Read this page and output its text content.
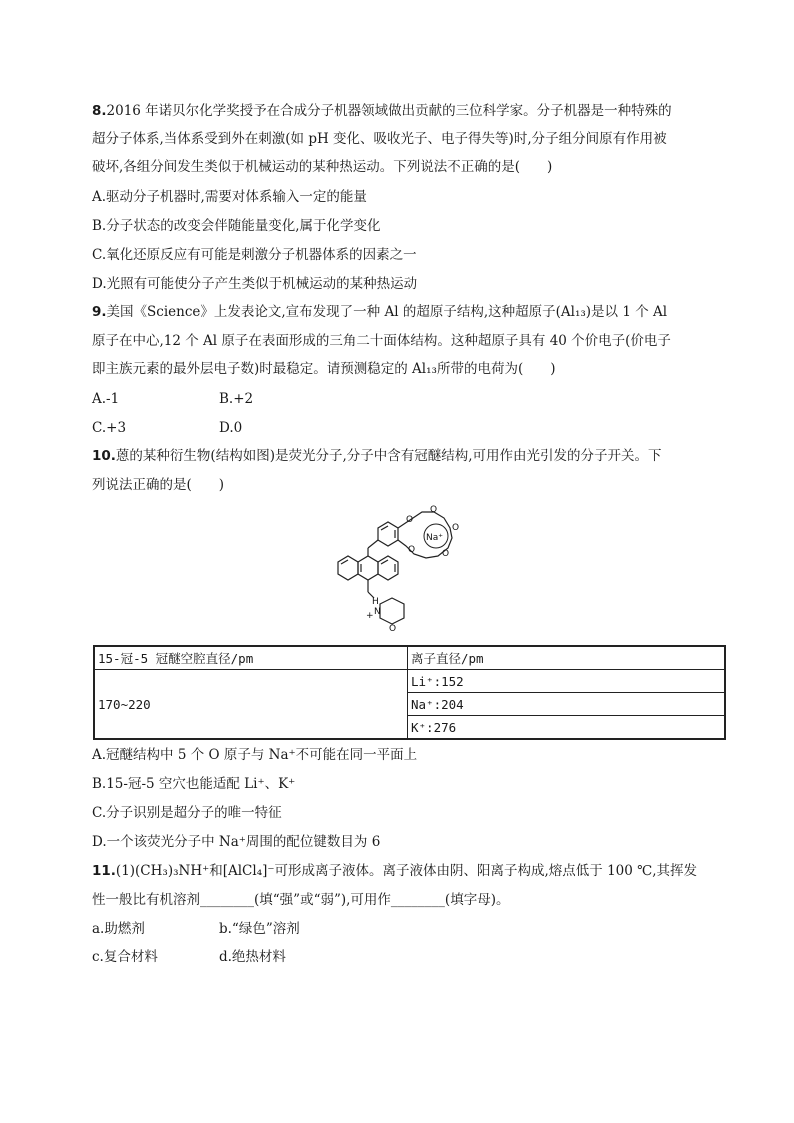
8.2016 年诺贝尔化学奖授予在合成分子机器领域做出贡献的三位科学家。分子机器是一种特殊的
超分子体系,当体系受到外在刺激(如 pH 变化、吸收光子、电子得失等)时,分子组分间原有作用被
破坏,各组分间发生类似于机械运动的某种热运动。下列说法不正确的是(　　)
A.驱动分子机器时,需要对体系输入一定的能量
B.分子状态的改变会伴随能量变化,属于化学变化
C.氧化还原反应有可能是刺激分子机器体系的因素之一
D.光照有可能使分子产生类似于机械运动的某种热运动
9.美国《Science》上发表论文,宣布发现了一种 Al 的超原子结构,这种超原子(Al₁₃)是以 1 个 Al
原子在中心,12 个 Al 原子在表面形成的三角二十面体结构。这种超原子具有 40 个价电子(价电子
即主族元素的最外层电子数)时最稳定。请预测稳定的 Al₁₃所带的电荷为(　　)
A.-1	B.+2
C.+3	D.0
10.蒽的某种衍生物(结构如图)是荧光分子,分子中含有冠醚结构,可用作由光引发的分子开关。下
列说法正确的是(　　)
Na⁺
O
O
O
O
O
H
N
+
O
15-冠-5 冠醚空腔直径/pm	离子直径/pm
170~220	Li⁺:152
	Na⁺:204
	K⁺:276
A.冠醚结构中 5 个 O 原子与 Na⁺不可能在同一平面上
B.15-冠-5 空穴也能适配 Li⁺、K⁺
C.分子识别是超分子的唯一特征
D.一个该荧光分子中 Na⁺周围的配位键数目为 6
11.(1)(CH₃)₃NH⁺和[AlCl₄]⁻可形成离子液体。离子液体由阴、阳离子构成,熔点低于 100 ℃,其挥发
性一般比有机溶剂________(填“强”或“弱”),可用作________(填字母)。
a.助燃剂	b.“绿色”溶剂
c.复合材料	d.绝热材料
